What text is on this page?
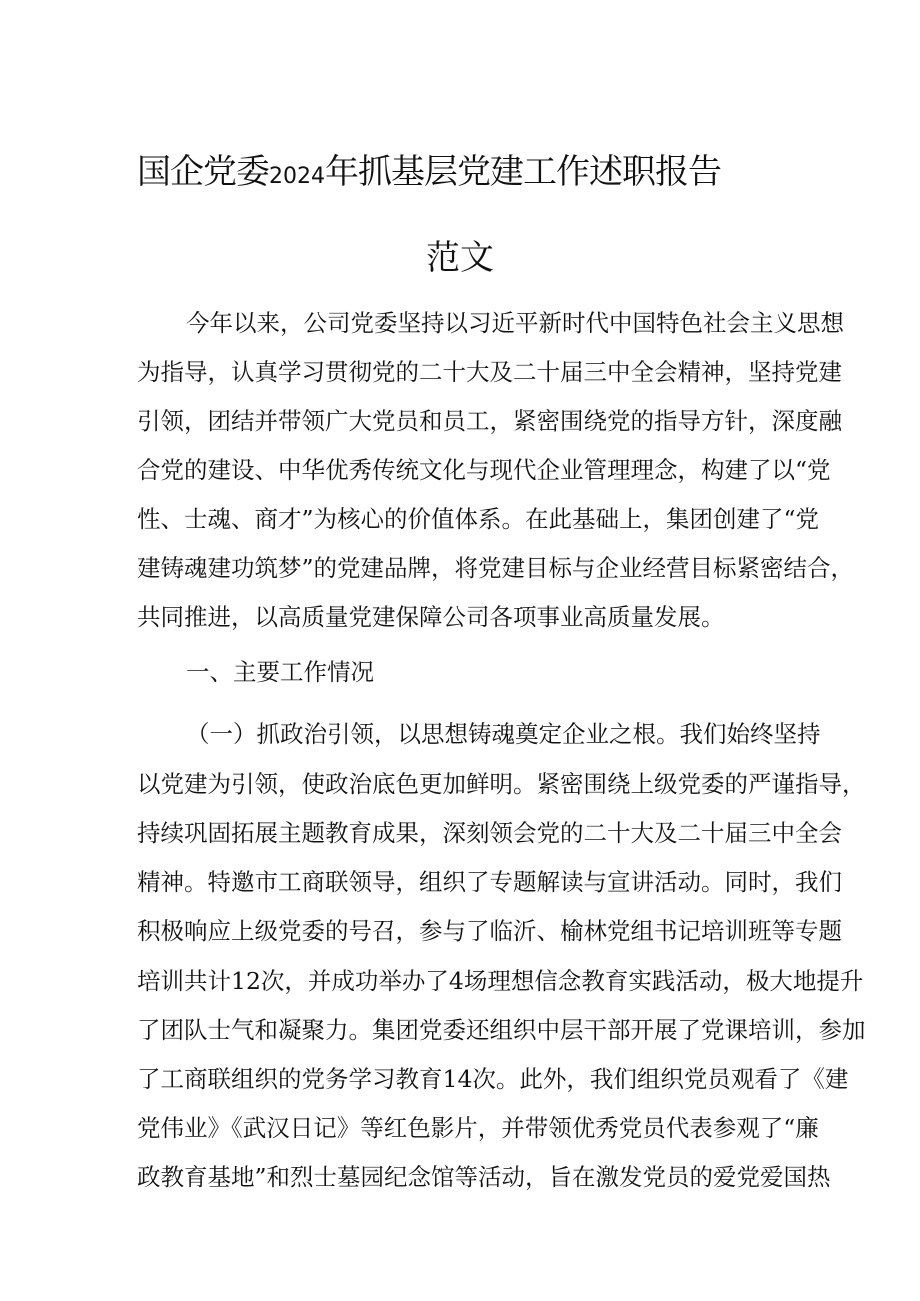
国企党委2024年抓基层党建工作述职报告
范文
今年以来，公司党委坚持以习近平新时代中国特色社会主义思想
为指导，认真学习贯彻党的二十大及二十届三中全会精神，坚持党建
引领，团结并带领广大党员和员工，紧密围绕党的指导方针，深度融
合党的建设、中华优秀传统文化与现代企业管理理念，构建了以“党
性、士魂、商才”为核心的价值体系。在此基础上，集团创建了“党
建铸魂建功筑梦”的党建品牌，将党建目标与企业经营目标紧密结合，
共同推进，以高质量党建保障公司各项事业高质量发展。
一、主要工作情况
（一）抓政治引领，以思想铸魂奠定企业之根。我们始终坚持
以党建为引领，使政治底色更加鲜明。紧密围绕上级党委的严谨指导，
持续巩固拓展主题教育成果，深刻领会党的二十大及二十届三中全会
精神。特邀市工商联领导，组织了专题解读与宣讲活动。同时，我们
积极响应上级党委的号召，参与了临沂、榆林党组书记培训班等专题
培训共计12次，并成功举办了4场理想信念教育实践活动，极大地提升
了团队士气和凝聚力。集团党委还组织中层干部开展了党课培训，参加
了工商联组织的党务学习教育14次。此外，我们组织党员观看了《建
党伟业》《武汉日记》等红色影片，并带领优秀党员代表参观了“廉
政教育基地”和烈士墓园纪念馆等活动，旨在激发党员的爱党爱国热
